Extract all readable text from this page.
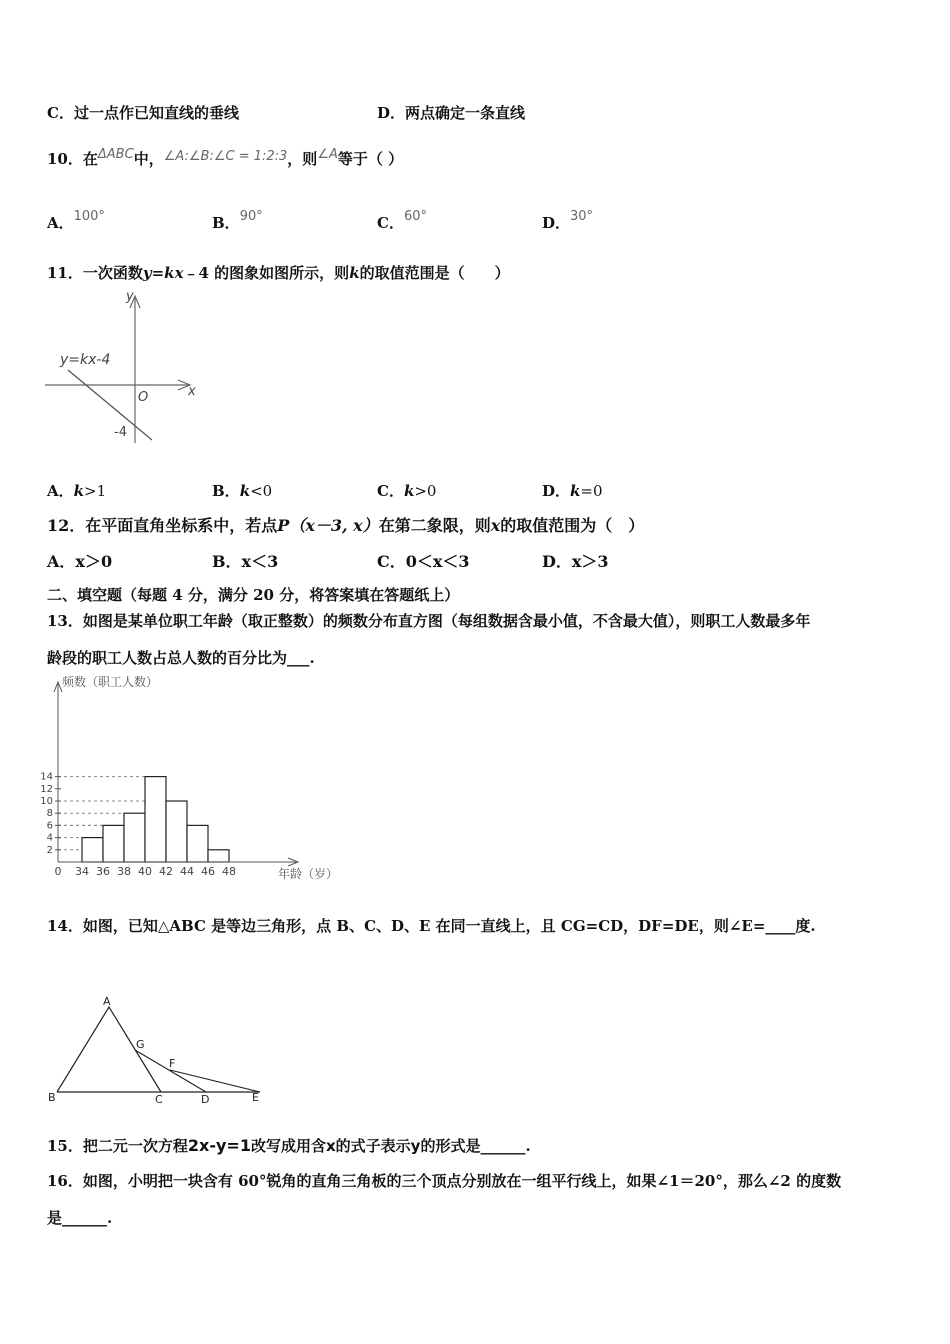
C．过一点作已知直线的垂线	D．两点确定一条直线
10．在ΔABC中，∠A:∠B:∠C = 1:2:3，则∠A等于（ ）
A．100°	B．90°	C．60°	D．30°
11．一次函数y=kx﹣4 的图象如图所示，则k的取值范围是（　　）
y
x
O
y=kx-4
-4
A．k>1	B．k<0	C．k>0	D．k=0
12．在平面直角坐标系中，若点P（x－3, x）在第二象限，则x的取值范围为（　）
A．x＞0	B．x＜3	C．0＜x＜3	D．x＞3
二、填空题（每题 4 分，满分 20 分，将答案填在答题纸上）
13．如图是某单位职工年龄（取正整数）的频数分布直方图（每组数据含最小值，不含最大值），则职工人数最多年
龄段的职工人数占总人数的百分比为___.
2
4
6
8
10
12
14
0 34 36 38 40 42 44 46 48
频数（职工人数）
年龄（岁）
14．如图，已知△ABC 是等边三角形，点 B、C、D、E 在同一直线上，且 CG=CD，DF=DE，则∠E=____度.
A
B	C	D	E
F
G
15．把二元一次方程2x-y=1改写成用含x的式子表示y的形式是______.
16．如图，小明把一块含有 60°锐角的直角三角板的三个顶点分别放在一组平行线上，如果∠1＝20°，那么∠2 的度数
是______.
